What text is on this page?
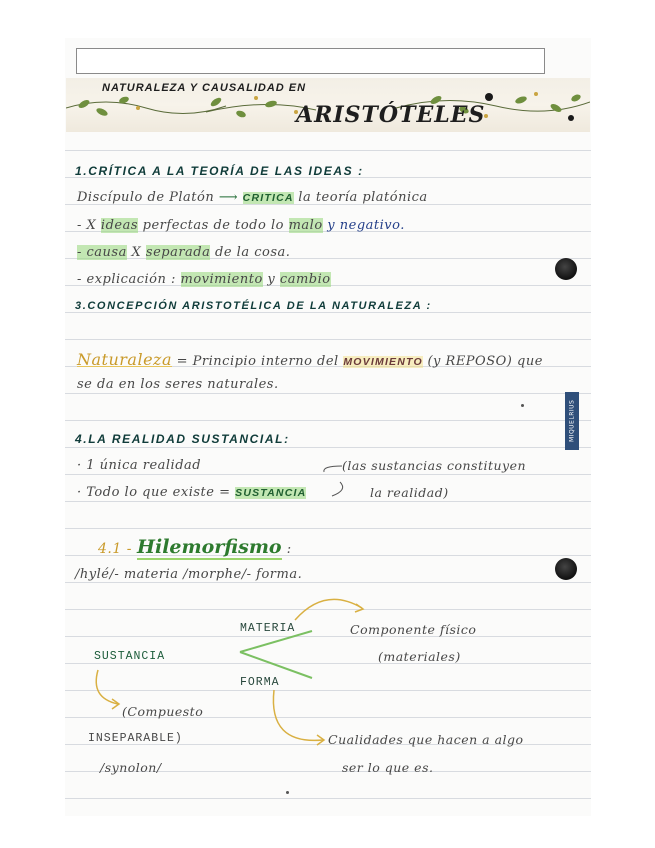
NATURALEZA Y CAUSALIDAD EN
ARISTÓTELES
1.CRÍTICA A LA TEORÍA DE LAS IDEAS :
Discípulo de Platón ⟶ CRITICA la teoría platónica
- X ideas perfectas de todo lo malo y negativo.
- causa X separada de la cosa.
- explicación : movimiento y cambio
3.CONCEPCIÓN ARISTOTÉLICA DE LA NATURALEZA :
Naturaleza = Principio interno del MOVIMIENTO (y REPOSO) que
se da en los seres naturales.
4.LA REALIDAD SUSTANCIAL:
· 1 única realidad
· Todo lo que existe = SUSTANCIA
(las sustancias constituyen
la realidad)
4.1 - Hilemorfismo :
/hylé/- materia /morphe/- forma.
SUSTANCIA
MATERIA
FORMA
Componente físico
(materiales)
Cualidades que hacen a algo
ser lo que es.
(Compuesto
INSEPARABLE)
/synolon/
MIQUELRIUS
